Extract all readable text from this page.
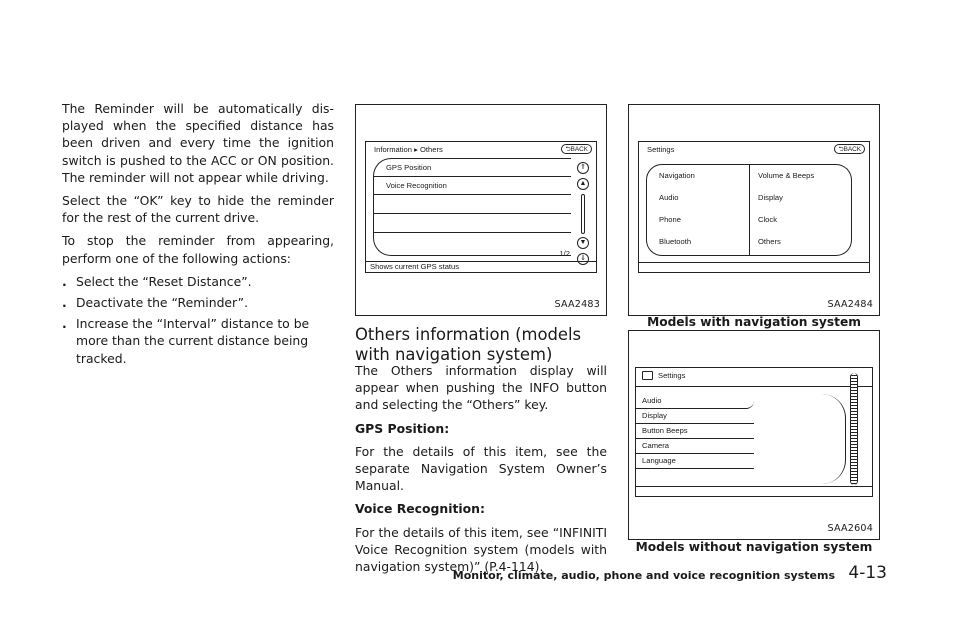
The Reminder will be automatically displayed when the specified distance has been driven and every time the ignition switch is pushed to the ACC or ON position. The reminder will not appear while driving.

Select the “OK” key to hide the reminder for the rest of the current drive.

To stop the reminder from appearing, perform one of the following actions:

. Select the “Reset Distance”.
. Deactivate the “Reminder”.
. Increase the “Interval” distance to be more than the current distance being tracked.
Information ▸ Others	⮌BACK
GPS Position
Voice Recognition
⇑
▲
▼
⇓
1/2
Shows current GPS status
SAA2483
Others information (models with navigation system)

The Others information display will appear when pushing the INFO button and selecting the “Others” key.

GPS Position:

For the details of this item, see the separate Navigation System Owner’s Manual.

Voice Recognition:

For the details of this item, see “INFINITI Voice Recognition system (models with navigation system)” (P.4-114).

Settings	⮌BACK
Navigation
Audio
Phone
Bluetooth
Volume & Beeps
Display
Clock
Others
SAA2484
Models with navigation system
Settings
Audio
Display
Button Beeps
Camera
Language
SAA2604
Models without navigation system
Monitor, climate, audio, phone and voice recognition systems 4-13
